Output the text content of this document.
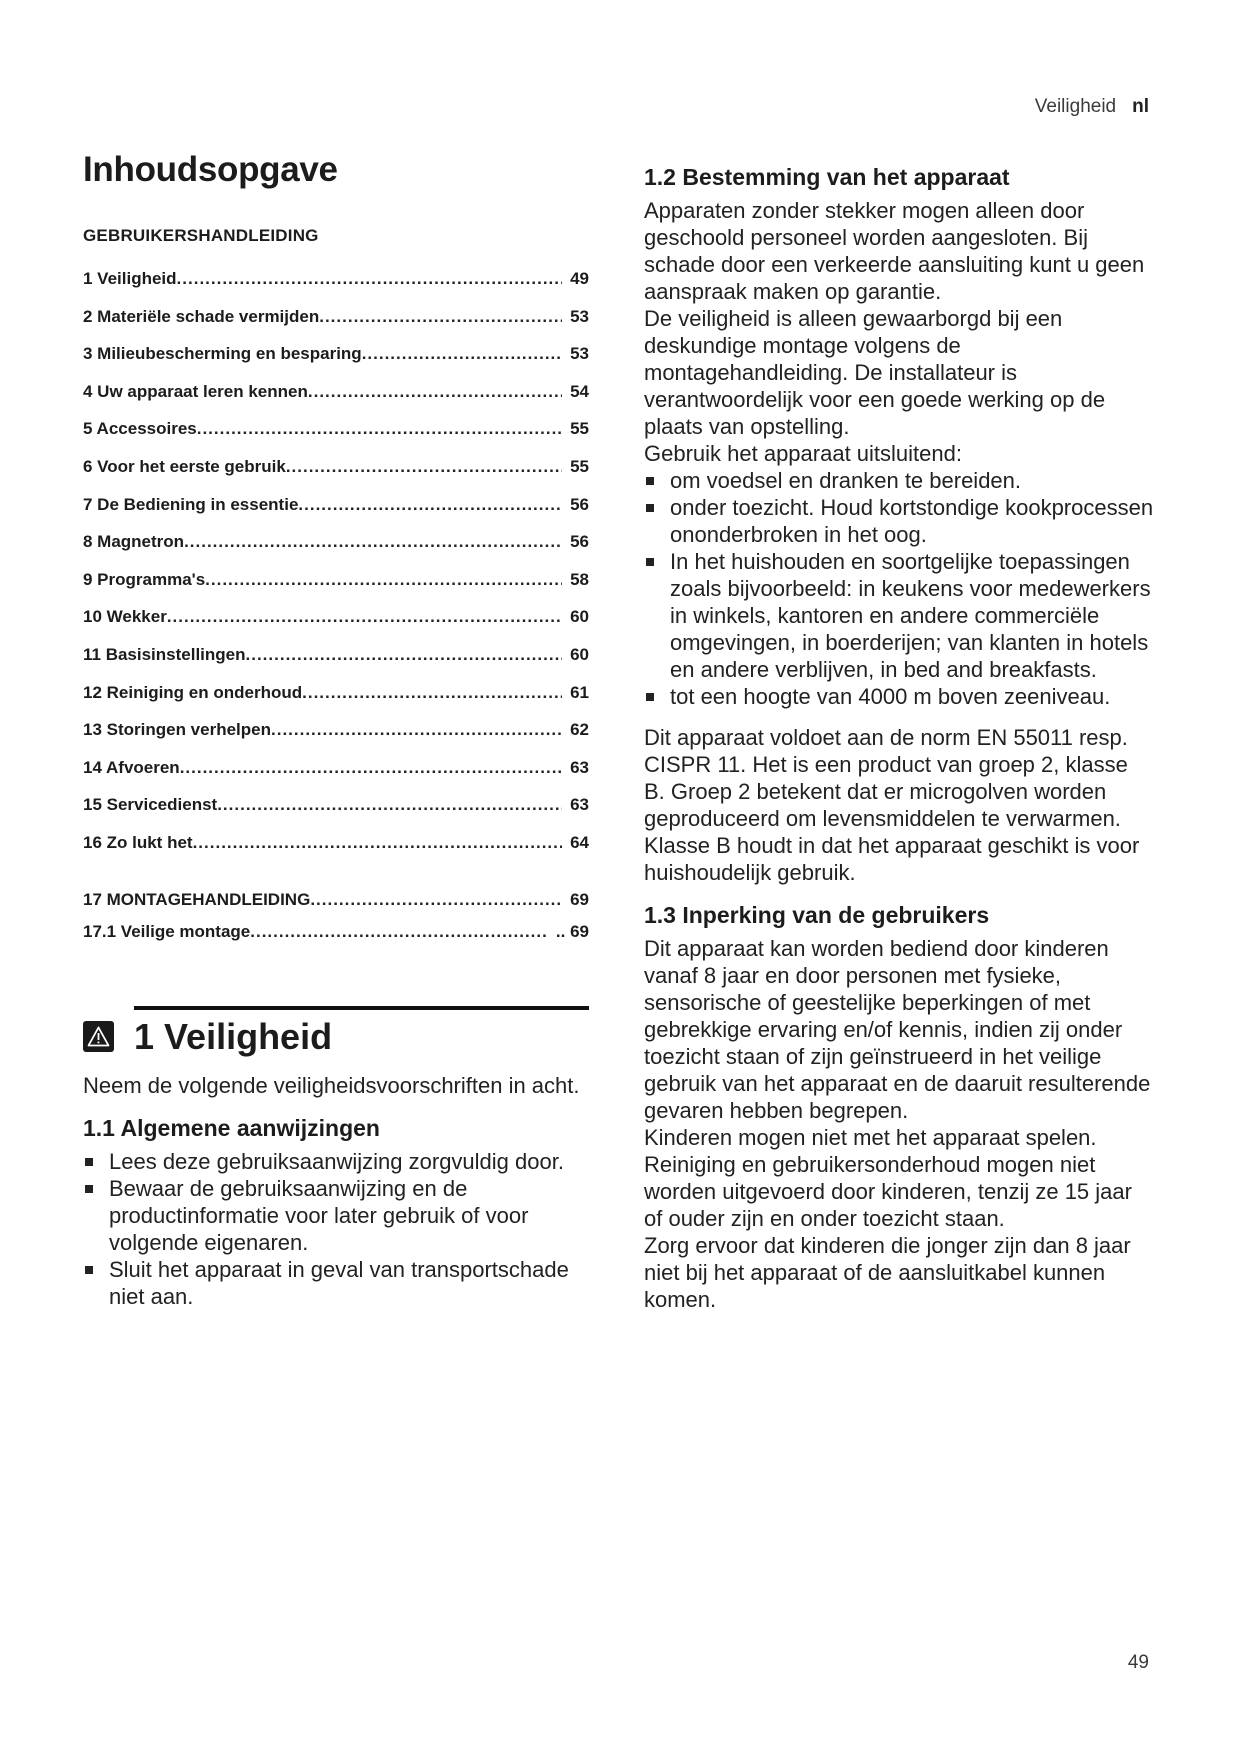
Veiligheid nl
Inhoudsopgave
GEBRUIKERSHANDLEIDING
1 Veiligheid .....	49
2 Materiële schade vermijden .....	53
3 Milieubescherming en besparing .....	53
4 Uw apparaat leren kennen .....	54
5 Accessoires .....	55
6 Voor het eerste gebruik .....	55
7 De Bediening in essentie .....	56
8 Magnetron .....	56
9 Programma's .....	58
10 Wekker .....	60
11 Basisinstellingen .....	60
12 Reiniging en onderhoud .....	61
13 Storingen verhelpen .....	62
14 Afvoeren .....	63
15 Servicedienst .....	63
16 Zo lukt het .....	64
17 MONTAGEHANDLEIDING .....	69
17.1 Veilige montage .....	.. 69
1 Veiligheid

Neem de volgende veiligheidsvoorschriften in acht.

1.1 Algemene aanwijzingen
Lees deze gebruiksaanwijzing zorgvuldig door.
Bewaar de gebruiksaanwijzing en de productinformatie voor later gebruik of voor volgende eigenaren.
Sluit het apparaat in geval van transportschade niet aan.
1.2 Bestemming van het apparaat

Apparaten zonder stekker mogen alleen door geschoold personeel worden aangesloten. Bij schade door een verkeerde aansluiting kunt u geen aanspraak maken op garantie.

De veiligheid is alleen gewaarborgd bij een deskundige montage volgens de montagehandleiding. De installateur is verantwoordelijk voor een goede werking op de plaats van opstelling.

Gebruik het apparaat uitsluitend:

om voedsel en dranken te bereiden.
onder toezicht. Houd kortstondige kookprocessen ononderbroken in het oog.
In het huishouden en soortgelijke toepassingen zoals bijvoorbeeld: in keukens voor medewerkers in winkels, kantoren en andere commerciële omgevingen, in boerderijen; van klanten in hotels en andere verblijven, in bed and breakfasts.
tot een hoogte van 4000 m boven zeeniveau.

Dit apparaat voldoet aan de norm EN 55011 resp. CISPR 11. Het is een product van groep 2, klasse B. Groep 2 betekent dat er microgolven worden geproduceerd om levensmiddelen te verwarmen. Klasse B houdt in dat het apparaat geschikt is voor huishoudelijk gebruik.

1.3 Inperking van de gebruikers

Dit apparaat kan worden bediend door kinderen vanaf 8 jaar en door personen met fysieke, sensorische of geestelijke beperkingen of met gebrekkige ervaring en/of kennis, indien zij onder toezicht staan of zijn geïnstrueerd in het veilige gebruik van het apparaat en de daaruit resulterende gevaren hebben begrepen.

Kinderen mogen niet met het apparaat spelen.

Reiniging en gebruikersonderhoud mogen niet worden uitgevoerd door kinderen, tenzij ze 15 jaar of ouder zijn en onder toezicht staan.

Zorg ervoor dat kinderen die jonger zijn dan 8 jaar niet bij het apparaat of de aansluitkabel kunnen komen.

49
